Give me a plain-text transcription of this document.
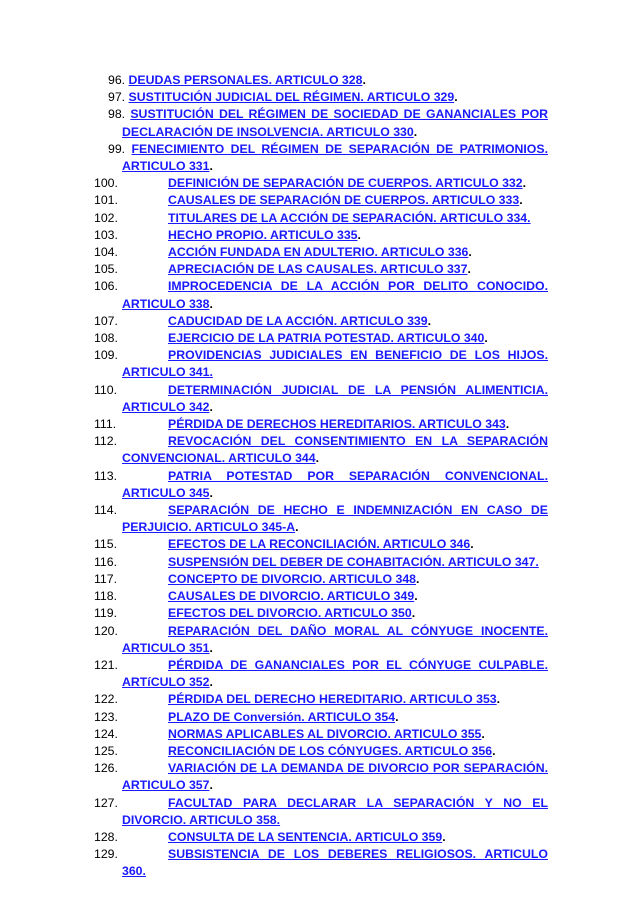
96. DEUDAS PERSONALES. ARTICULO 328.
97. SUSTITUCIÓN JUDICIAL DEL RÉGIMEN. ARTICULO 329.
98. SUSTITUCIÓN DEL RÉGIMEN DE SOCIEDAD DE GANANCIALES POR DECLARACIÓN DE INSOLVENCIA. ARTICULO 330.
99. FENECIMIENTO DEL RÉGIMEN DE SEPARACIÓN DE PATRIMONIOS. ARTICULO 331.
100.	DEFINICIÓN DE SEPARACIÓN DE CUERPOS. ARTICULO 332.
101.	CAUSALES DE SEPARACIÓN DE CUERPOS. ARTICULO 333.
102.	TITULARES DE LA ACCIÓN DE SEPARACIÓN. ARTICULO 334.
103.	HECHO PROPIO. ARTICULO 335.
104.	ACCIÓN FUNDADA EN ADULTERIO. ARTICULO 336.
105.	APRECIACIÓN DE LAS CAUSALES. ARTICULO 337.
106.	IMPROCEDENCIA DE LA ACCIÓN POR DELITO CONOCIDO. ARTICULO 338.
107.	CADUCIDAD DE LA ACCIÓN. ARTICULO 339.
108.	EJERCICIO DE LA PATRIA POTESTAD. ARTICULO 340.
109.	PROVIDENCIAS JUDICIALES EN BENEFICIO DE LOS HIJOS. ARTICULO 341.
110.	DETERMINACIÓN JUDICIAL DE LA PENSIÓN ALIMENTICIA. ARTICULO 342.
111.	PÉRDIDA DE DERECHOS HEREDITARIOS. ARTICULO 343.
112.	REVOCACIÓN DEL CONSENTIMIENTO EN LA SEPARACIÓN CONVENCIONAL. ARTICULO 344.
113.	PATRIA POTESTAD POR SEPARACIÓN CONVENCIONAL. ARTICULO 345.
114.	SEPARACIÓN DE HECHO E INDEMNIZACIÓN EN CASO DE PERJUICIO. ARTICULO 345-A.
115.	EFECTOS DE LA RECONCILIACIÓN. ARTICULO 346.
116.	SUSPENSIÓN DEL DEBER DE COHABITACIÓN. ARTICULO 347.
117.	CONCEPTO DE DIVORCIO. ARTICULO 348.
118.	CAUSALES DE DIVORCIO. ARTICULO 349.
119.	EFECTOS DEL DIVORCIO. ARTICULO 350.
120.	REPARACIÓN DEL DAÑO MORAL AL CÓNYUGE INOCENTE. ARTICULO 351.
121.	PÉRDIDA DE GANANCIALES POR EL CÓNYUGE CULPABLE. ARTíCULO 352.
122.	PÉRDIDA DEL DERECHO HEREDITARIO. ARTICULO 353.
123.	PLAZO DE Conversión. ARTICULO 354.
124.	NORMAS APLICABLES AL DIVORCIO. ARTICULO 355.
125.	RECONCILIACIÓN DE LOS CÓNYUGES. ARTICULO 356.
126.	VARIACIÓN DE LA DEMANDA DE DIVORCIO POR SEPARACIÓN. ARTICULO 357.
127.	FACULTAD PARA DECLARAR LA SEPARACIÓN Y NO EL DIVORCIO. ARTICULO 358.
128.	CONSULTA DE LA SENTENCIA. ARTICULO 359.
129.	SUBSISTENCIA DE LOS DEBERES RELIGIOSOS. ARTICULO 360.
